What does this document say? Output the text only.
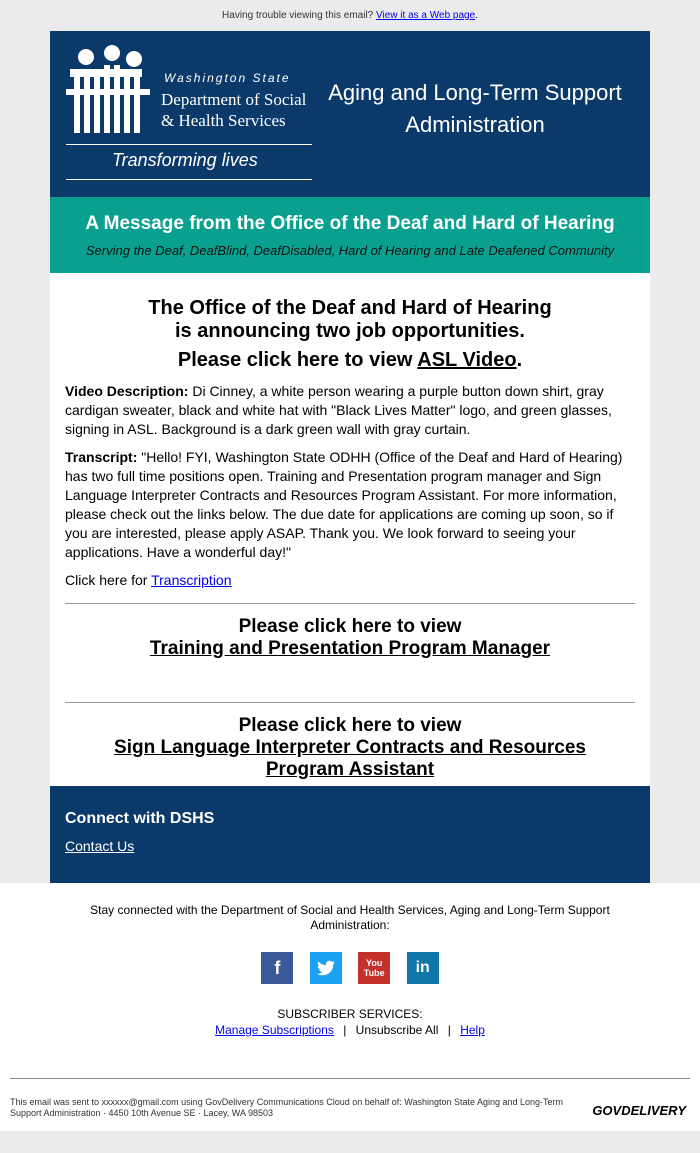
Having trouble viewing this email? View it as a Web page.
Washington State
Department of Social
& Health Services
Transforming lives
Aging and Long-Term Support
Administration
A Message from the Office of the Deaf and Hard of Hearing
Serving the Deaf, DeafBlind, DeafDisabled, Hard of Hearing and Late Deafened Community

The Office of the Deaf and Hard of Hearing
is announcing two job opportunities.

Please click here to view ASL Video.

Video Description: Di Cinney, a white person wearing a purple button down shirt, gray cardigan sweater, black and white hat with "Black Lives Matter" logo, and green glasses, signing in ASL. Background is a dark green wall with gray curtain.

Transcript: "Hello! FYI, Washington State ODHH (Office of the Deaf and Hard of Hearing) has two full time positions open. Training and Presentation program manager and Sign Language Interpreter Contracts and Resources Program Assistant. For more information, please check out the links below. The due date for applications are coming up soon, so if you are interested, please apply ASAP. Thank you. We look forward to seeing your applications. Have a wonderful day!"

Click here for Transcription

Please click here to view
Training and Presentation Program Manager

Please click here to view
Sign Language Interpreter Contracts and Resources
Program Assistant

Connect with DSHS
Contact Us
Stay connected with the Department of Social and Health Services, Aging and Long-Term Support Administration:
f	You Tube in
SUBSCRIBER SERVICES:
Manage Subscriptions | Unsubscribe All | Help
This email was sent to xxxxxx@gmail.com using GovDelivery Communications Cloud on behalf of: Washington State Aging and Long-Term Support Administration · 4450 10th Avenue SE · Lacey, WA 98503	GOVDELIVERY
